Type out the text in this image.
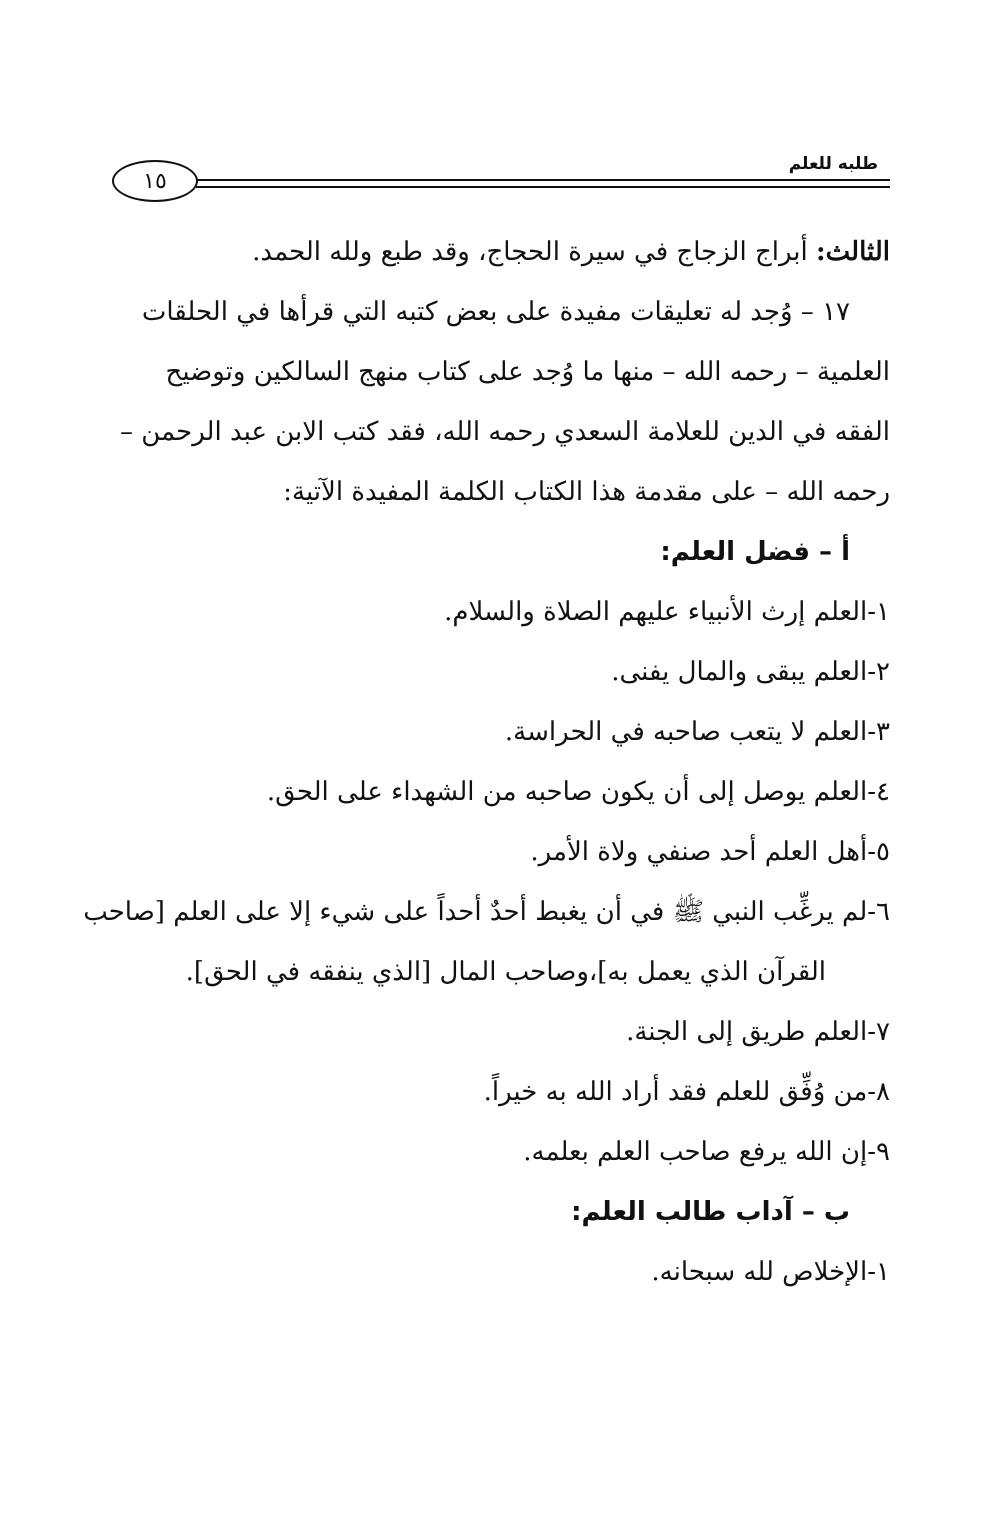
١٥
طلبه للعلم
الثالث: أبراج الزجاج في سيرة الحجاج، وقد طبع ولله الحمد.
١٧ – وُجد له تعليقات مفيدة على بعض كتبه التي قرأها في الحلقات
العلمية – رحمه الله – منها ما وُجد على كتاب منهج السالكين وتوضيح
الفقه في الدين للعلامة السعدي رحمه الله، فقد كتب الابن عبد الرحمن –
رحمه الله – على مقدمة هذا الكتاب الكلمة المفيدة الآتية:
أ – فضل العلم:
١-العلم إرث الأنبياء عليهم الصلاة والسلام.
٢-العلم يبقى والمال يفنى.
٣-العلم لا يتعب صاحبه في الحراسة.
٤-العلم يوصل إلى أن يكون صاحبه من الشهداء على الحق.
٥-أهل العلم أحد صنفي ولاة الأمر.
٦-لم يرغِّب النبي ﷺ في أن يغبط أحدٌ أحداً على شيء إلا على العلم [صاحب
القرآن الذي يعمل به]،وصاحب المال [الذي ينفقه في الحق].
٧-العلم طريق إلى الجنة.
٨-من وُفِّق للعلم فقد أراد الله به خيراً.
٩-إن الله يرفع صاحب العلم بعلمه.
ب – آداب طالب العلم:
١-الإخلاص لله سبحانه.
